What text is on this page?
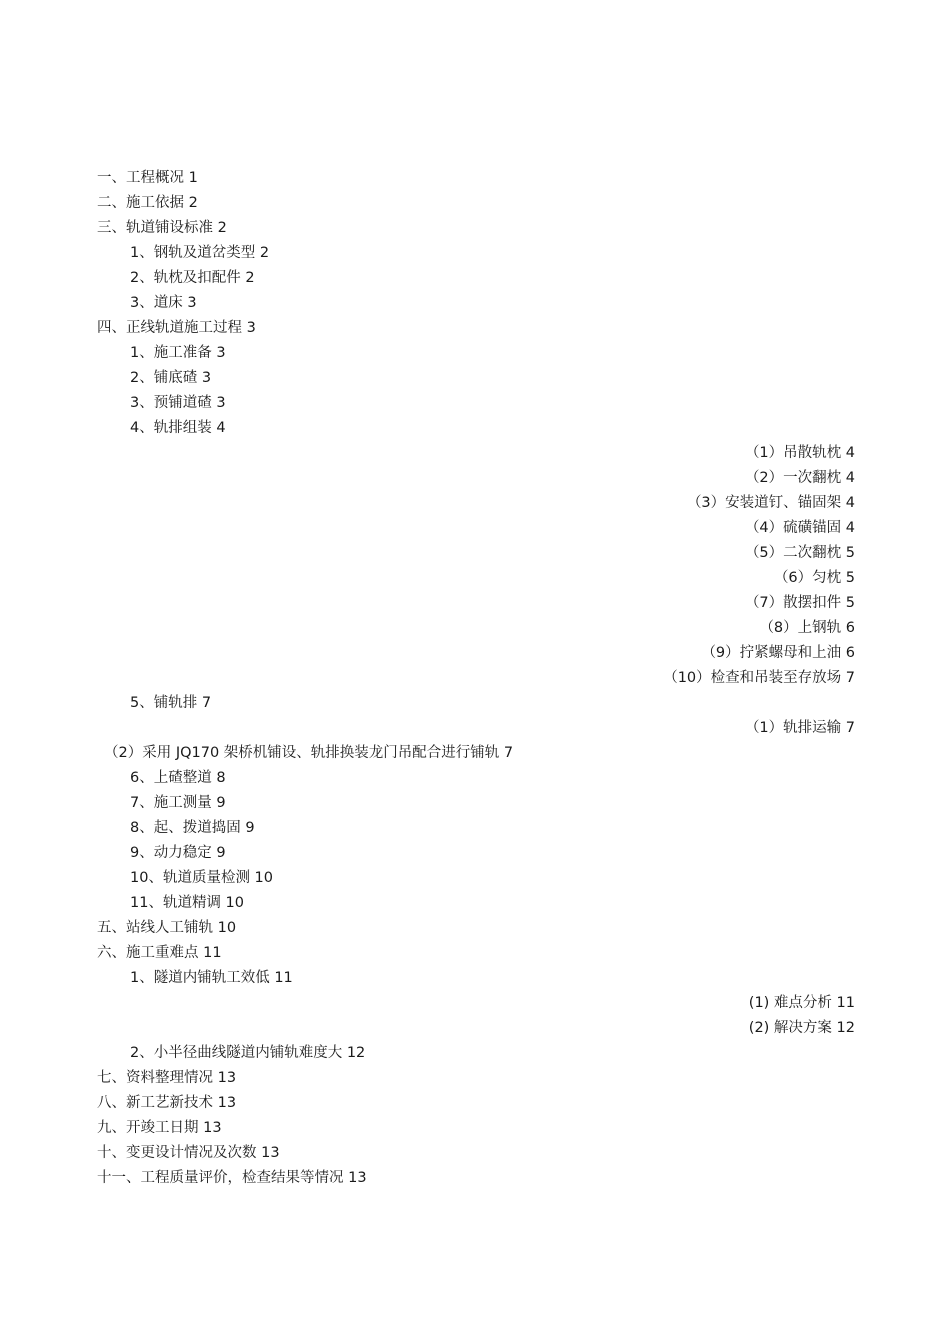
一、工程概况 1
二、施工依据 2
三、轨道铺设标准 2
1、钢轨及道岔类型 2
2、轨枕及扣配件 2
3、道床 3
四、正线轨道施工过程 3
1、施工准备 3
2、铺底碴 3
3、预铺道碴 3
4、轨排组装 4
（1）吊散轨枕 4
（2）一次翻枕 4
（3）安装道钉、锚固架 4
（4）硫磺锚固 4
（5）二次翻枕 5
（6）匀枕 5
（7）散摆扣件 5
（8）上钢轨 6
（9）拧紧螺母和上油 6
（10）检查和吊装至存放场 7
5、铺轨排 7
（1）轨排运输 7
（2）采用 JQ170 架桥机铺设、轨排换装龙门吊配合进行铺轨 7
6、上碴整道 8
7、施工测量 9
8、起、拨道捣固 9
9、动力稳定 9
10、轨道质量检测 10
11、轨道精调 10
五、站线人工铺轨 10
六、施工重难点 11
1、隧道内铺轨工效低 11
(1) 难点分析 11
(2) 解决方案 12
2、小半径曲线隧道内铺轨难度大 12
七、资料整理情况 13
八、新工艺新技术 13
九、开竣工日期 13
十、变更设计情况及次数 13
十一、工程质量评价，检查结果等情况 13
